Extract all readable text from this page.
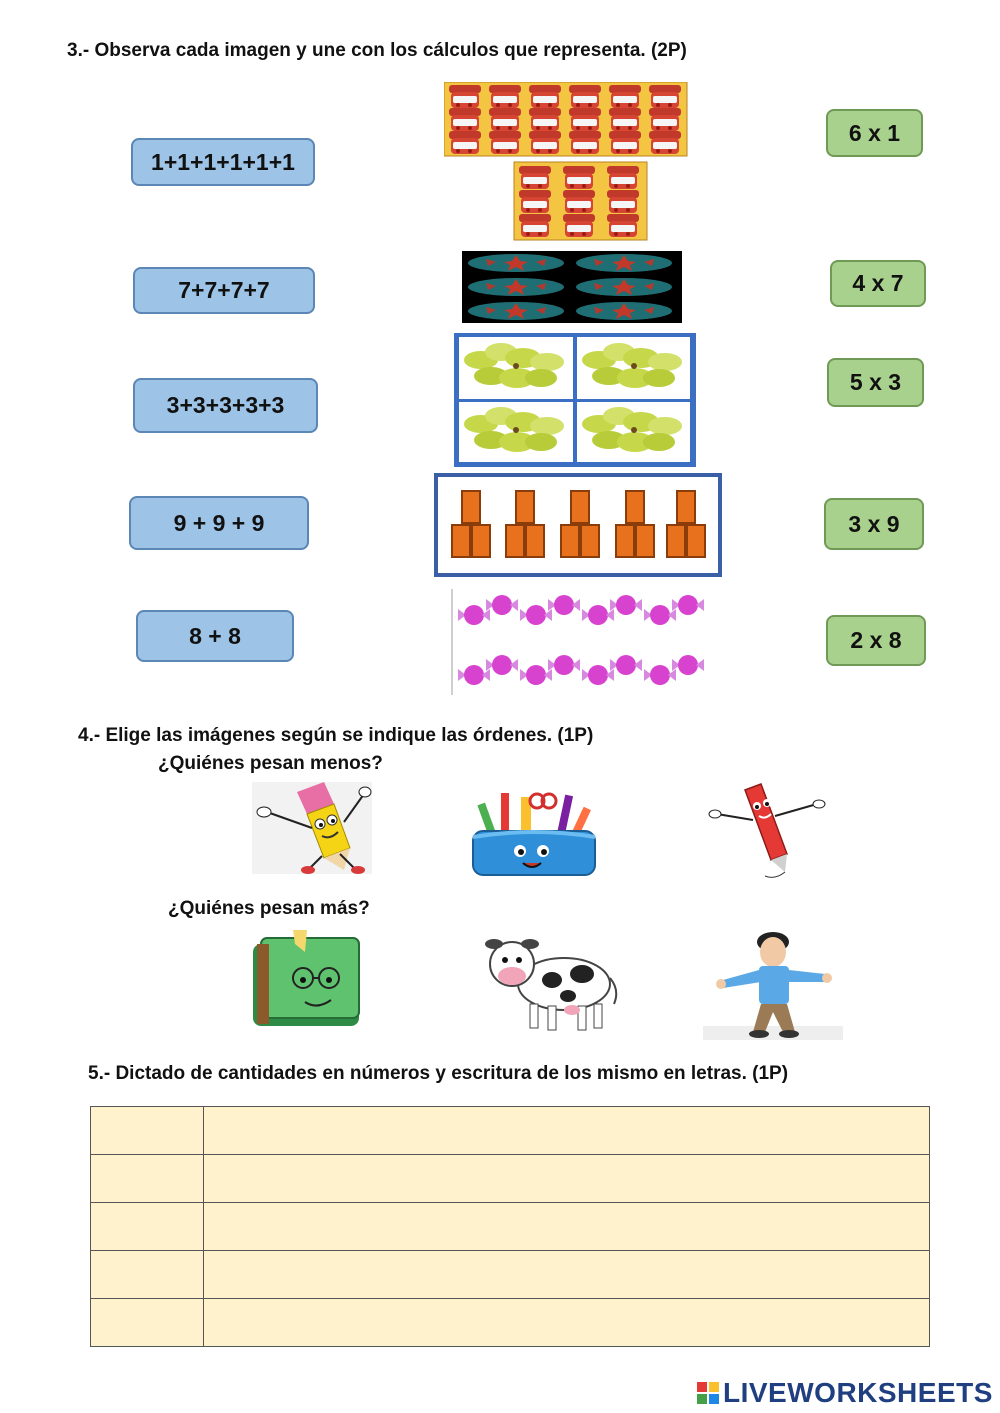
3.- Observa cada imagen y une con los cálculos que representa. (2P)
1+1+1+1+1+1
7+7+7+7
3+3+3+3+3
9 + 9 + 9
8 + 8
6 x 1
4 x 7
5 x 3
3 x 9
2 x 8
4.- Elige las imágenes según se indique las órdenes. (1P)
¿Quiénes pesan menos?
¿Quiénes pesan más?
5.- Dictado de cantidades en números y escritura de los mismo en letras. (1P)

LIVEWORKSHEETS
